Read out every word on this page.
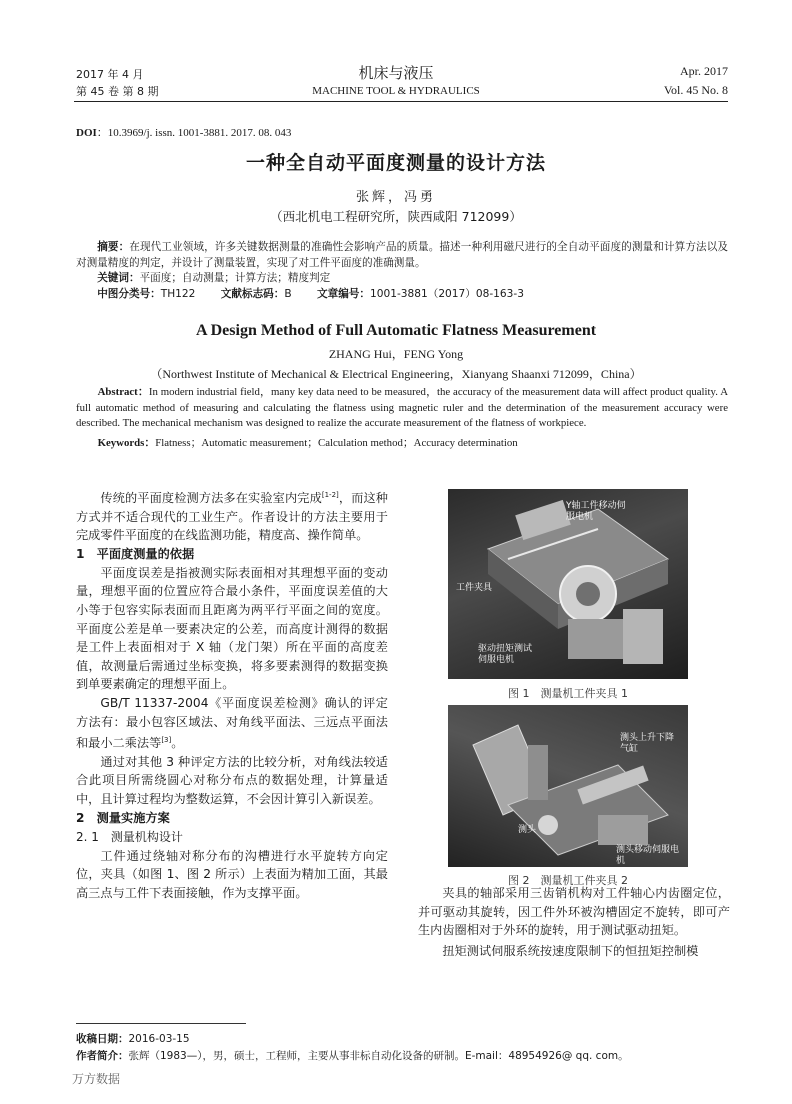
2017 年 4 月
第 45 卷 第 8 期
机床与液压
MACHINE TOOL & HYDRAULICS
Apr. 2017
Vol. 45 No. 8
DOI：10.3969/j. issn. 1001-3881. 2017. 08. 043
一种全自动平面度测量的设计方法
张辉，冯勇
（西北机电工程研究所，陕西咸阳 712099）

摘要：在现代工业领域，许多关键数据测量的准确性会影响产品的质量。描述一种利用磁尺进行的全自动平面度的测量和计算方法以及对测量精度的判定，并设计了测量装置，实现了对工件平面度的准确测量。

关键词：平面度；自动测量；计算方法；精度判定

中图分类号：TH122 文献标志码：B 文章编号：1001-3881（2017）08-163-3

A Design Method of Full Automatic Flatness Measurement
ZHANG Hui，FENG Yong
（Northwest Institute of Mechanical & Electrical Engineering，Xianyang Shaanxi 712099，China）

Abstract：In modern industrial field，many key data need to be measured，the accuracy of the measurement data will affect product quality. A full automatic method of measuring and calculating the flatness using magnetic ruler and the determination of the measurement accuracy were described. The mechanical mechanism was designed to realize the accurate measurement of the flatness of workpiece.

Keywords：Flatness；Automatic measurement；Calculation method；Accuracy determination

传统的平面度检测方法多在实验室内完成[1-2]，而这种方式并不适合现代的工业生产。作者设计的方法主要用于完成零件平面度的在线监测功能，精度高、操作简单。

1　平面度测量的依据

平面度误差是指被测实际表面相对其理想平面的变动量，理想平面的位置应符合最小条件，平面度误差值的大小等于包容实际表面而且距离为两平行平面之间的宽度。平面度公差是单一要素决定的公差，而高度计测得的数据是工件上表面相对于 X 轴（龙门架）所在平面的高度差值，故测量后需通过坐标变换，将多要素测得的数据变换到单要素确定的理想平面上。

GB/T 11337-2004《平面度误差检测》确认的评定方法有：最小包容区域法、对角线平面法、三远点平面法和最小二乘法等[3]。

通过对其他 3 种评定方法的比较分析，对角线法较适合此项目所需绕圆心对称分布点的数据处理，计算量适中，且计算过程均为整数运算，不会因计算引入新误差。

2　测量实施方案
2. 1　测量机构设计

工件通过绕轴对称分布的沟槽进行水平旋转方向定位，夹具（如图 1、图 2 所示）上表面为精加工面，其最高三点与工件下表面接触，作为支撑平面。

Y轴工件移动伺服电机
工件夹具
驱动扭矩测试伺服电机
图 1　测量机工件夹具 1
测头上升下降气缸
测头
测头移动伺服电机
图 2　测量机工件夹具 2

夹具的轴部采用三齿销机构对工件轴心内齿圈定位，并可驱动其旋转，因工件外环被沟槽固定不旋转，即可产生内齿圈相对于外环的旋转，用于测试驱动扭矩。

扭矩测试伺服系统按速度限制下的恒扭矩控制模

收稿日期：2016-03-15
作者简介：张辉（1983—），男，硕士，工程师，主要从事非标自动化设备的研制。E-mail：48954926@ qq. com。
万方数据
